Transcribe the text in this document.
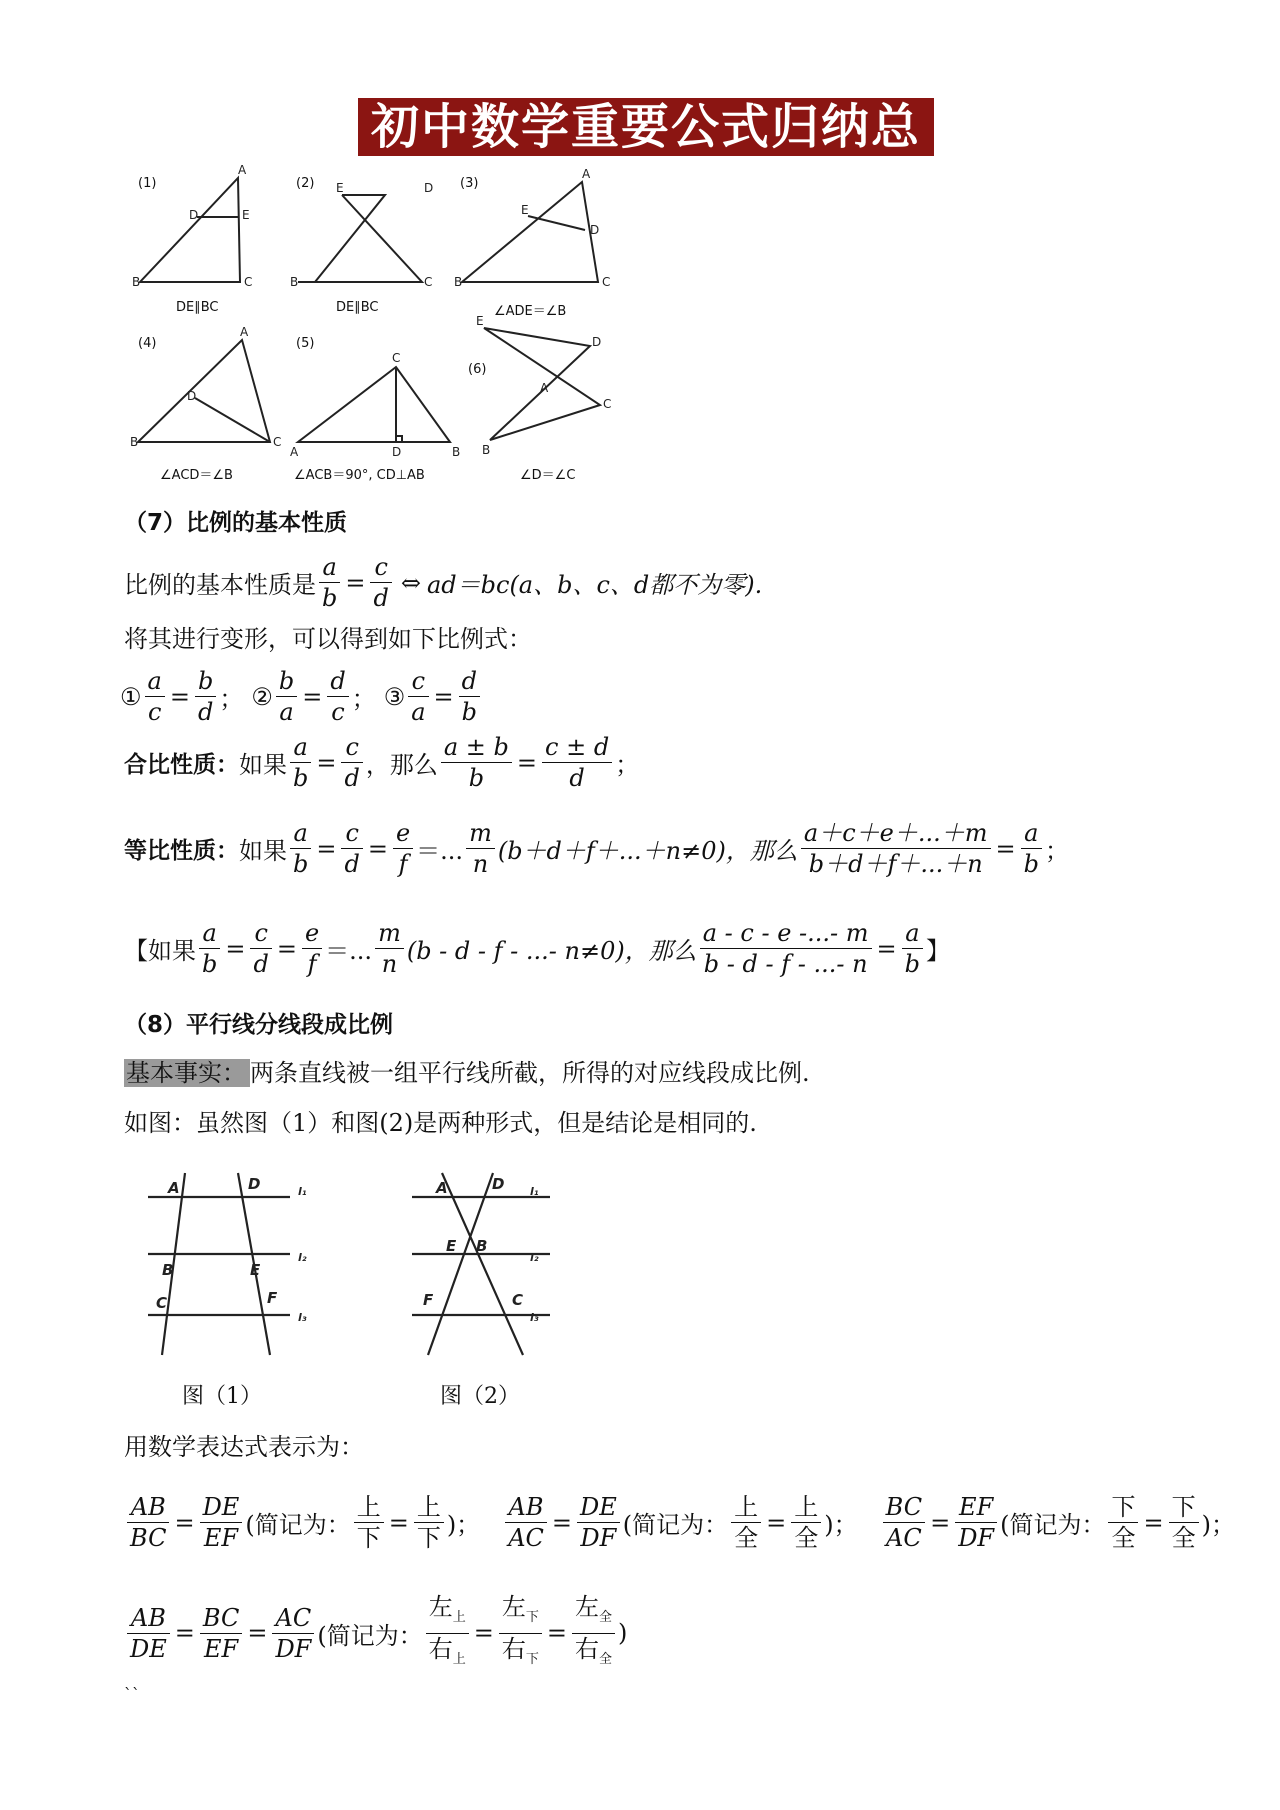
初中数学重要公式归纳总结
A
D	E
B	C
E	D
B	C
A
E
D
B	C
A
D
B	C
C
A	D	B
E
D
A
C
B
(1)	(2)	(3)
(4)	(5)
(6)
DE∥BC	DE∥BC	∠ADE＝∠B
∠ACD＝∠B	∠ACB＝90°, CD⊥AB	∠D＝∠C
（7）比例的基本性质
比例的基本性质是 $\frac{a}{b} = \frac{c}{d}$ ⇔ ad＝bc(a、b、c、d都不为零).
将其进行变形，可以得到如下比例式：
① $\frac{a}{c} = \frac{b}{d}$ ； ② $\frac{b}{a} = \frac{d}{c}$ ； ③ $\frac{c}{a} = \frac{d}{b}$
合比性质： 如果 $\frac{a}{b} = \frac{c}{d}$ ，那么 $\frac{a \pm b}{b} = \frac{c \pm d}{d}$ ；
等比性质： 如果 $\frac{a}{b} = \frac{c}{d} = \frac{e}{f}$ ＝... $\frac{m}{n} (b+d+f+...+n\ne 0)$，那么 $\frac{a+c+e+...+m}{b+d+f+...+n} = \frac{a}{b}$ ；
【如果 $\frac{a}{b} = \frac{c}{d} = \frac{e}{f}$ ＝... $\frac{m}{n} (b$ - d - f - ...- n≠0)，那么 $\frac{a - c - e -...- m}{b - d - f - ...- n} = \frac{a}{b}$ 】
（8）平行线分线段成比例
基本事实： 两条直线被一组平行线所截，所得的对应线段成比例.
如图：虽然图（1）和图(2)是两种形式，但是结论是相同的.
A	D
B	E
C	F
l₁
l₂
l₃
A	D
E B
F	C
l₁
l₂
l₃
图（1）	图（2）
用数学表达式表示为：
$\frac{AB}{BC} = \frac{DE}{EF}$ (简记为： $\frac{\text{上}}{\text{下}} = \frac{\text{上}}{\text{下}}$ )； $\frac{AB}{AC} = \frac{DE}{DF}$ (简记为： $\frac{\text{上}}{\text{全}} = \frac{\text{上}}{\text{全}}$ )； $\frac{BC}{AC} = \frac{EF}{DF}$ (简记为： $\frac{\text{下}}{\text{全}} = \frac{\text{下}}{\text{全}}$ )；
$\frac{AB}{DE} = \frac{BC}{EF} = \frac{AC}{DF}$ (简记为： $\frac{左_上}{右_上} = \frac{左_下}{右_下} = \frac{左_全}{右_全}$ )
``
